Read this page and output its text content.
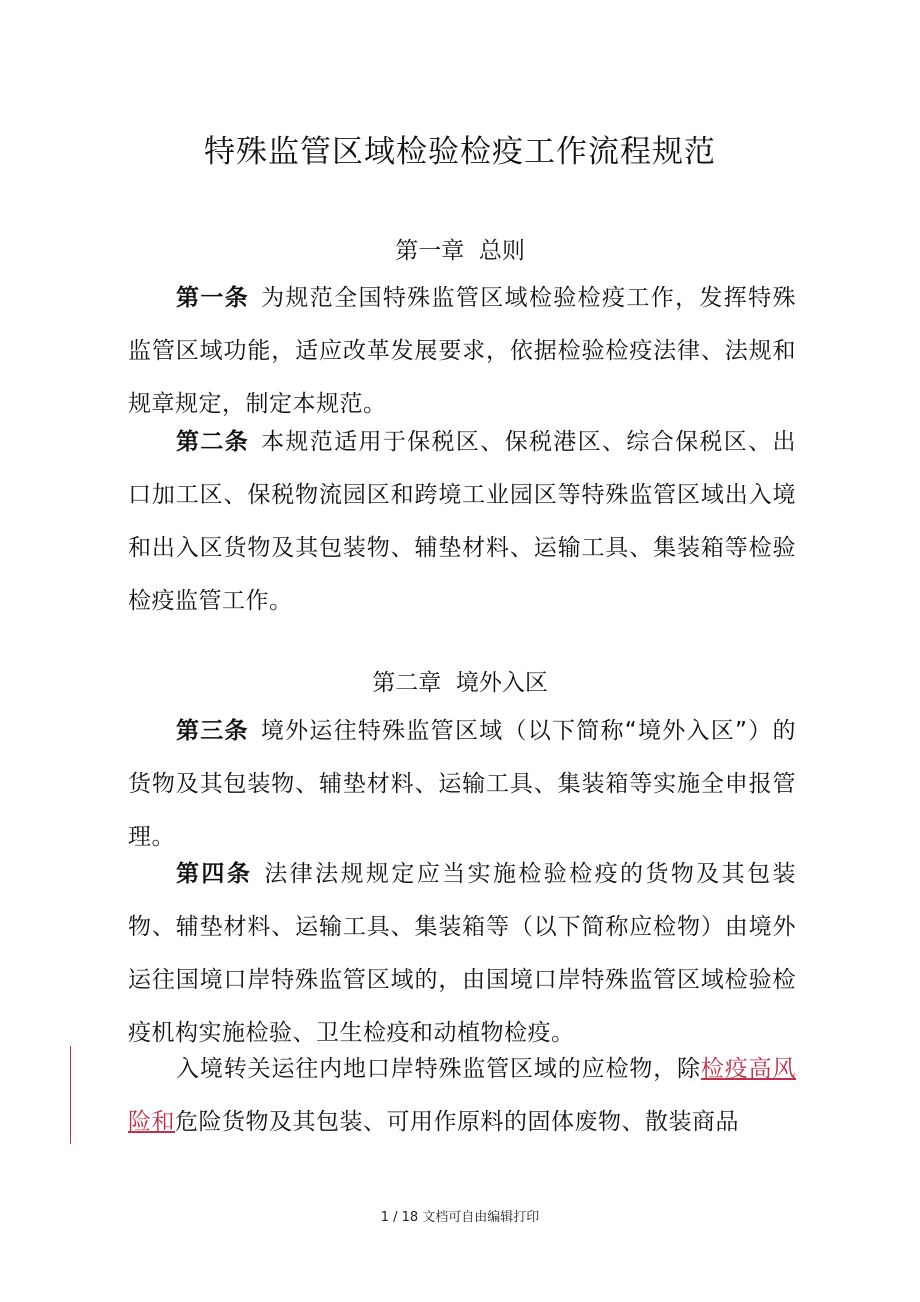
特殊监管区域检验检疫工作流程规范
第一章 总则

第一条 为规范全国特殊监管区域检验检疫工作，发挥特殊监管区域功能，适应改革发展要求，依据检验检疫法律、法规和规章规定，制定本规范。

第二条 本规范适用于保税区、保税港区、综合保税区、出口加工区、保税物流园区和跨境工业园区等特殊监管区域出入境和出入区货物及其包装物、辅垫材料、运输工具、集装箱等检验检疫监管工作。

第二章 境外入区

第三条 境外运往特殊监管区域（以下简称“境外入区”）的货物及其包装物、辅垫材料、运输工具、集装箱等实施全申报管理。

第四条 法律法规规定应当实施检验检疫的货物及其包装物、辅垫材料、运输工具、集装箱等（以下简称应检物）由境外运往国境口岸特殊监管区域的，由国境口岸特殊监管区域检验检疫机构实施检验、卫生检疫和动植物检疫。

入境转关运往内地口岸特殊监管区域的应检物，除检疫高风险和危险货物及其包装、可用作原料的固体废物、散装商品

1 / 18 文档可自由编辑打印
